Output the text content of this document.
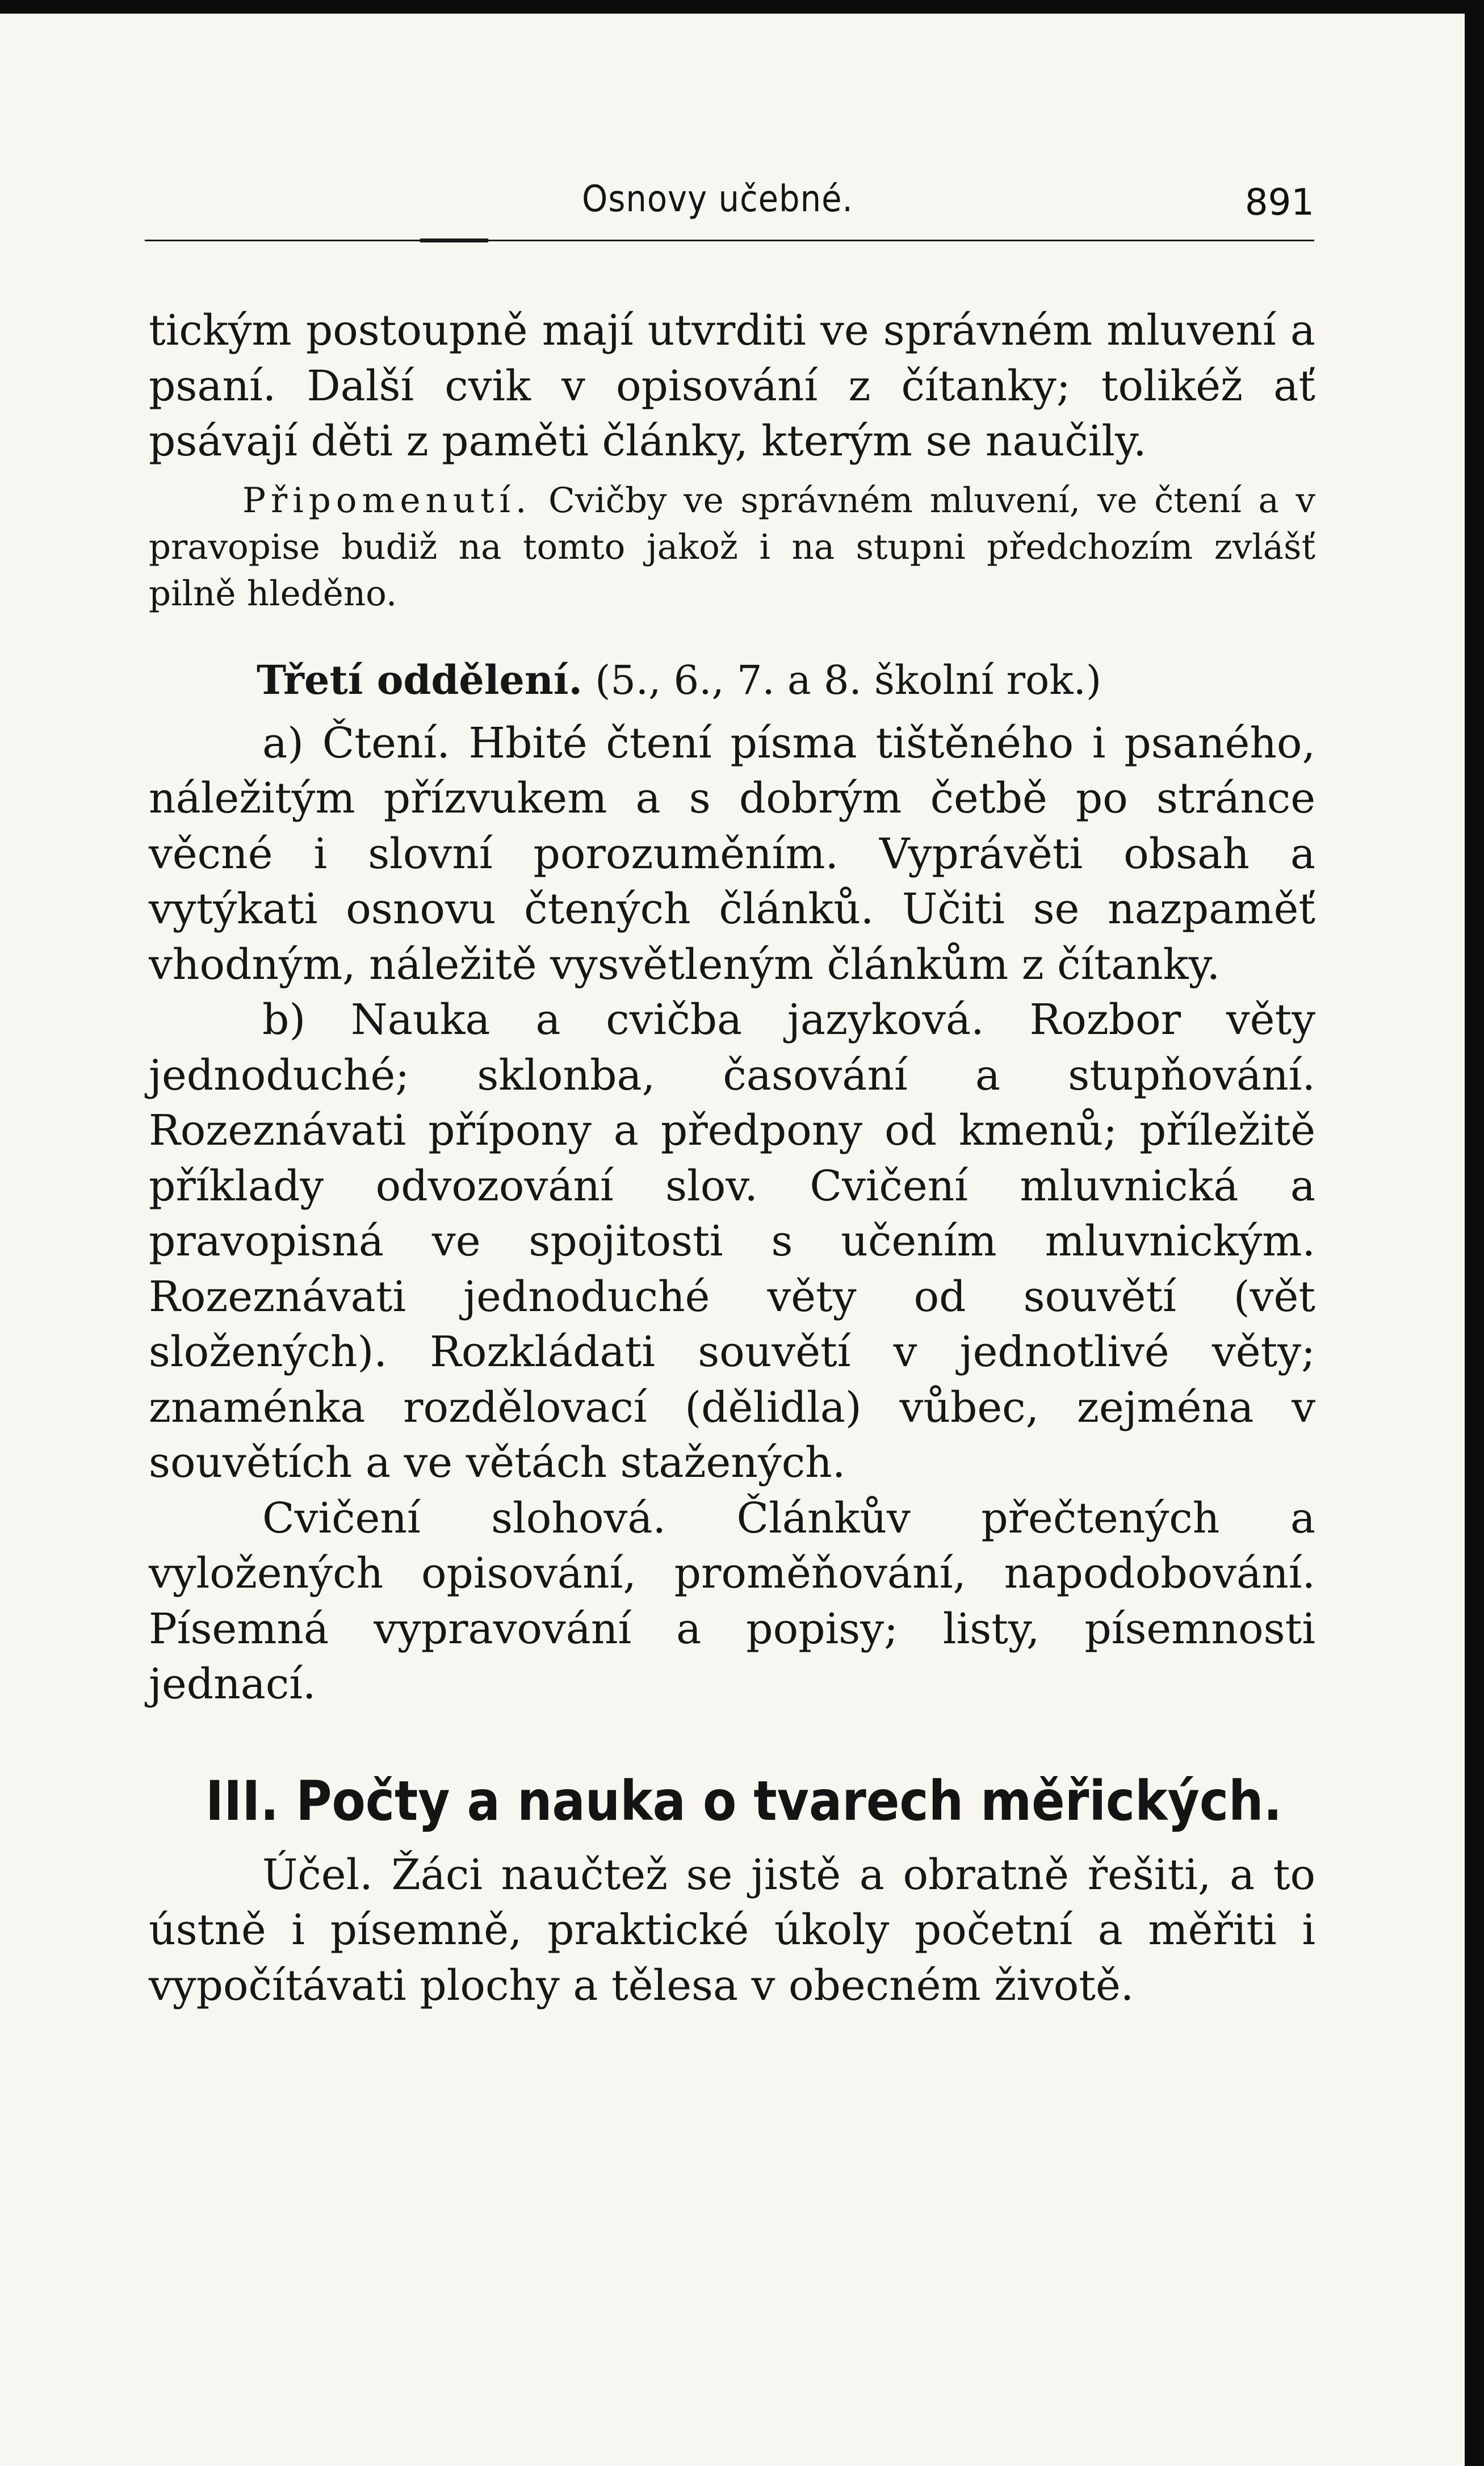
Osnovy učebné.	891

tickým postoupně mají utvrditi ve správném mluvení a psaní. Další cvik v opisování z čítanky; tolikéž ať psávají děti z paměti články, kterým se naučily.

Připomenutí. Cvičby ve správném mluvení, ve čtení a v pravopise budiž na tomto jakož i na stupni předchozím zvlášť pilně hleděno.

Třetí oddělení. (5., 6., 7. a 8. školní rok.)

a) Čtení. Hbité čtení písma tištěného i psaného, náležitým přízvukem a s dobrým četbě po stránce věcné i slovní porozuměním. Vyprávěti obsah a vytýkati osnovu čtených článků. Učiti se nazpaměť vhodným, náležitě vysvětleným článkům z čítanky.

b) Nauka a cvičba jazyková. Rozbor věty jednoduché; sklonba, časování a stupňování. Rozeznávati přípony a předpony od kmenů; příležitě příklady odvozování slov. Cvičení mluvnická a pravopisná ve spojitosti s učením mluvnickým. Rozeznávati jednoduché věty od souvětí (vět složených). Rozkládati souvětí v jednotlivé věty; znaménka rozdělovací (dělidla) vůbec, zejména v souvětích a ve větách stažených.

Cvičení slohová. Článkův přečtených a vyložených opisování, proměňování, napodobování. Písemná vypravování a popisy; listy, písemnosti jednací.

III. Počty a nauka o tvarech měřických.

Účel. Žáci naučtež se jistě a obratně řešiti, a to ústně i písemně, praktické úkoly početní a měřiti i vypočítávati plochy a tělesa v obecném životě.
